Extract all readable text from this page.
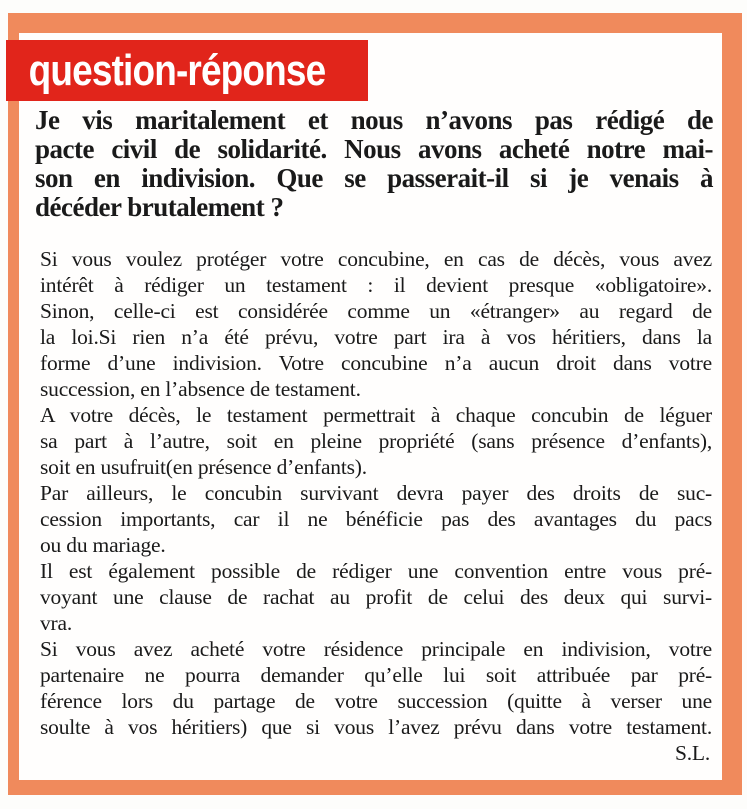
question-réponse
Je vis maritalement et nous n’avons pas rédigé de
pacte civil de solidarité. Nous avons acheté notre mai-
son en indivision. Que se passerait-il si je venais à
décéder brutalement ?
Si vous voulez protéger votre concubine, en cas de décès, vous avez
intérêt à rédiger un testament : il devient presque «obligatoire».
Sinon, celle-ci est considérée comme un «étranger» au regard de
la loi.Si rien n’a été prévu, votre part ira à vos héritiers, dans la
forme d’une indivision. Votre concubine n’a aucun droit dans votre
succession, en l’absence de testament.
A votre décès, le testament permettrait à chaque concubin de léguer
sa part à l’autre, soit en pleine propriété (sans présence d’enfants),
soit en usufruit(en présence d’enfants).
Par ailleurs, le concubin survivant devra payer des droits de suc-
cession importants, car il ne bénéficie pas des avantages du pacs
ou du mariage.
Il est également possible de rédiger une convention entre vous pré-
voyant une clause de rachat au profit de celui des deux qui survi-
vra.
Si vous avez acheté votre résidence principale en indivision, votre
partenaire ne pourra demander qu’elle lui soit attribuée par pré-
férence lors du partage de votre succession (quitte à verser une
soulte à vos héritiers) que si vous l’avez prévu dans votre testament.
S.L.
